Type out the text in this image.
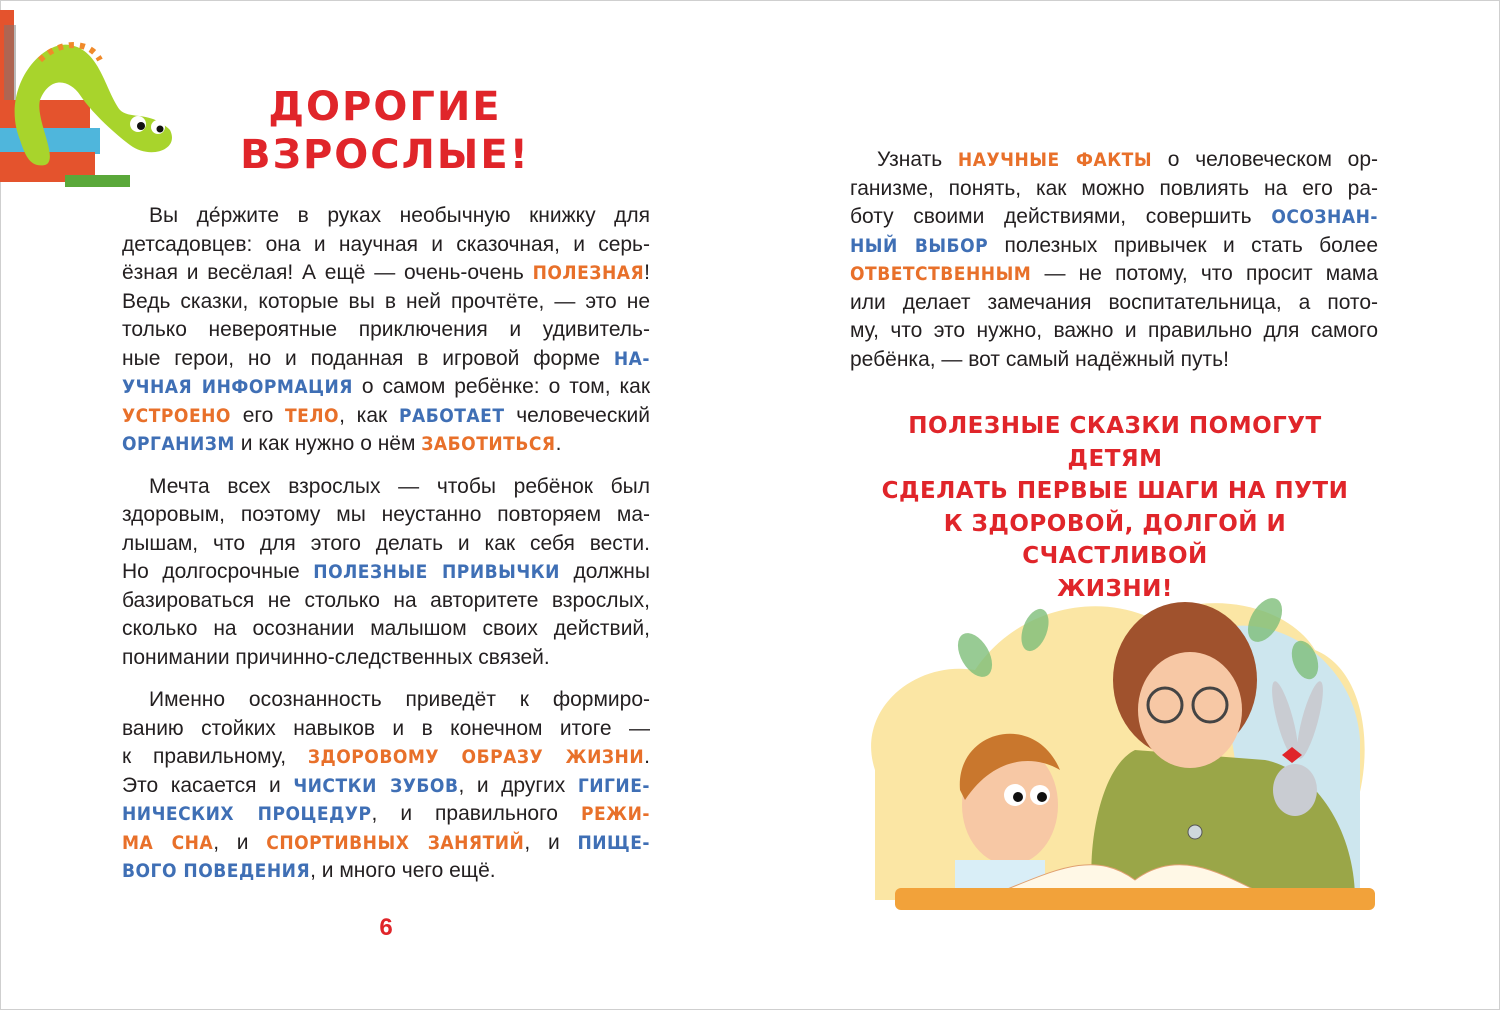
ДОРОГИЕ
ВЗРОСЛЫЕ!
Вы де́ржите в руках необычную книжку для
детсадовцев: она и научная и сказочная, и серь-
ёзная и весёлая! А ещё — очень-очень ПОЛЕЗНАЯ!
Ведь сказки, которые вы в ней прочтёте, — это не
только невероятные приключения и удивитель-
ные герои, но и поданная в игровой форме НА-
УЧНАЯ ИНФОРМАЦИЯ о самом ребёнке: о том, как
УСТРОЕНО его ТЕЛО, как РАБОТАЕТ человеческий
ОРГАНИЗМ и как нужно о нём ЗАБОТИТЬСЯ.
Мечта всех взрослых — чтобы ребёнок был
здоровым, поэтому мы неустанно повторяем ма-
лышам, что для этого делать и как себя вести.
Но долгосрочные ПОЛЕЗНЫЕ ПРИВЫЧКИ должны
базироваться не столько на авторитете взрослых,
сколько на осознании малышом своих действий,
понимании причинно-следственных связей.
Именно осознанность приведёт к формиро-
ванию стойких навыков и в конечном итоге —
к правильному, ЗДОРОВОМУ ОБРАЗУ ЖИЗНИ.
Это касается и ЧИСТКИ ЗУБОВ, и других ГИГИЕ-
НИЧЕСКИХ ПРОЦЕДУР, и правильного РЕЖИ-
МА СНА, и СПОРТИВНЫХ ЗАНЯТИЙ, и ПИЩЕ-
ВОГО ПОВЕДЕНИЯ, и много чего ещё.
Узнать НАУЧНЫЕ ФАКТЫ о человеческом ор-
ганизме, понять, как можно повлиять на его ра-
боту своими действиями, совершить ОСОЗНАН-
НЫЙ ВЫБОР полезных привычек и стать более
ОТВЕТСТВЕННЫМ — не потому, что просит мама
или делает замечания воспитательница, а пото-
му, что это нужно, важно и правильно для самого
ребёнка, — вот самый надёжный путь!
ПОЛЕЗНЫЕ СКАЗКИ ПОМОГУТ ДЕТЯМ
СДЕЛАТЬ ПЕРВЫЕ ШАГИ НА ПУТИ
К ЗДОРОВОЙ, ДОЛГОЙ И СЧАСТЛИВОЙ
ЖИЗНИ!
6
